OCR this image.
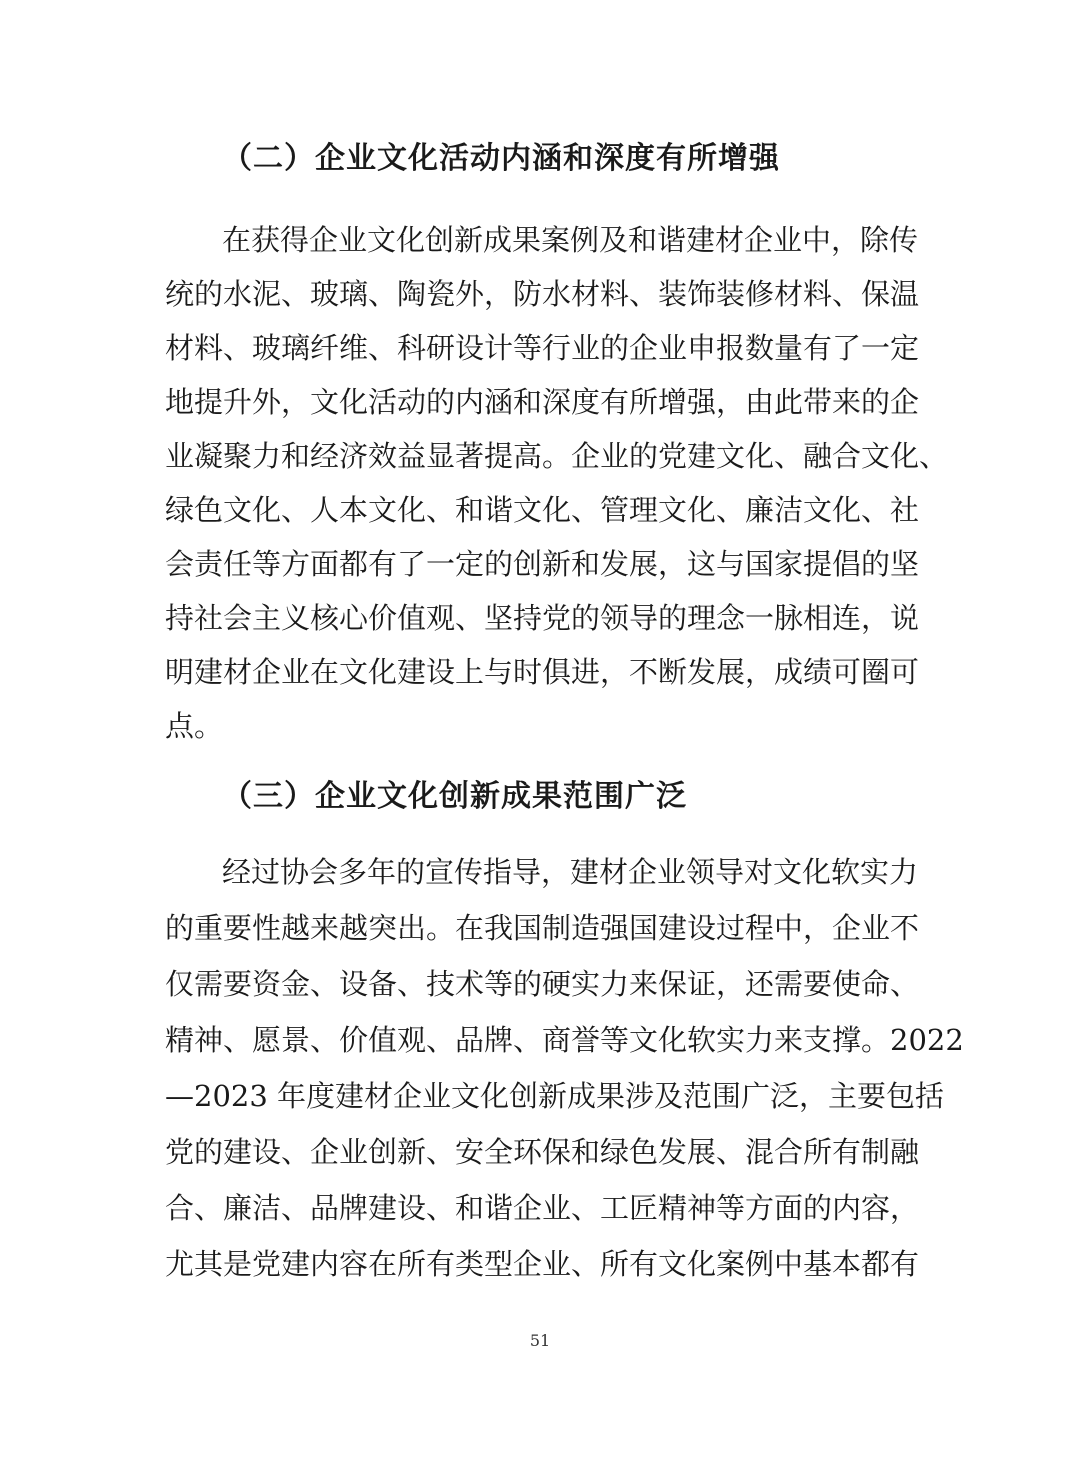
（二）企业文化活动内涵和深度有所增强
在获得企业文化创新成果案例及和谐建材企业中，除传
统的水泥、玻璃、陶瓷外，防水材料、装饰装修材料、保温
材料、玻璃纤维、科研设计等行业的企业申报数量有了一定
地提升外，文化活动的内涵和深度有所增强，由此带来的企
业凝聚力和经济效益显著提高。企业的党建文化、融合文化、
绿色文化、人本文化、和谐文化、管理文化、廉洁文化、社
会责任等方面都有了一定的创新和发展，这与国家提倡的坚
持社会主义核心价值观、坚持党的领导的理念一脉相连，说
明建材企业在文化建设上与时俱进，不断发展，成绩可圈可
点。
（三）企业文化创新成果范围广泛
经过协会多年的宣传指导，建材企业领导对文化软实力
的重要性越来越突出。在我国制造强国建设过程中，企业不
仅需要资金、设备、技术等的硬实力来保证，还需要使命、
精神、愿景、价值观、品牌、商誉等文化软实力来支撑。2022
—2023 年度建材企业文化创新成果涉及范围广泛，主要包括
党的建设、企业创新、安全环保和绿色发展、混合所有制融
合、廉洁、品牌建设、和谐企业、工匠精神等方面的内容，
尤其是党建内容在所有类型企业、所有文化案例中基本都有
51
